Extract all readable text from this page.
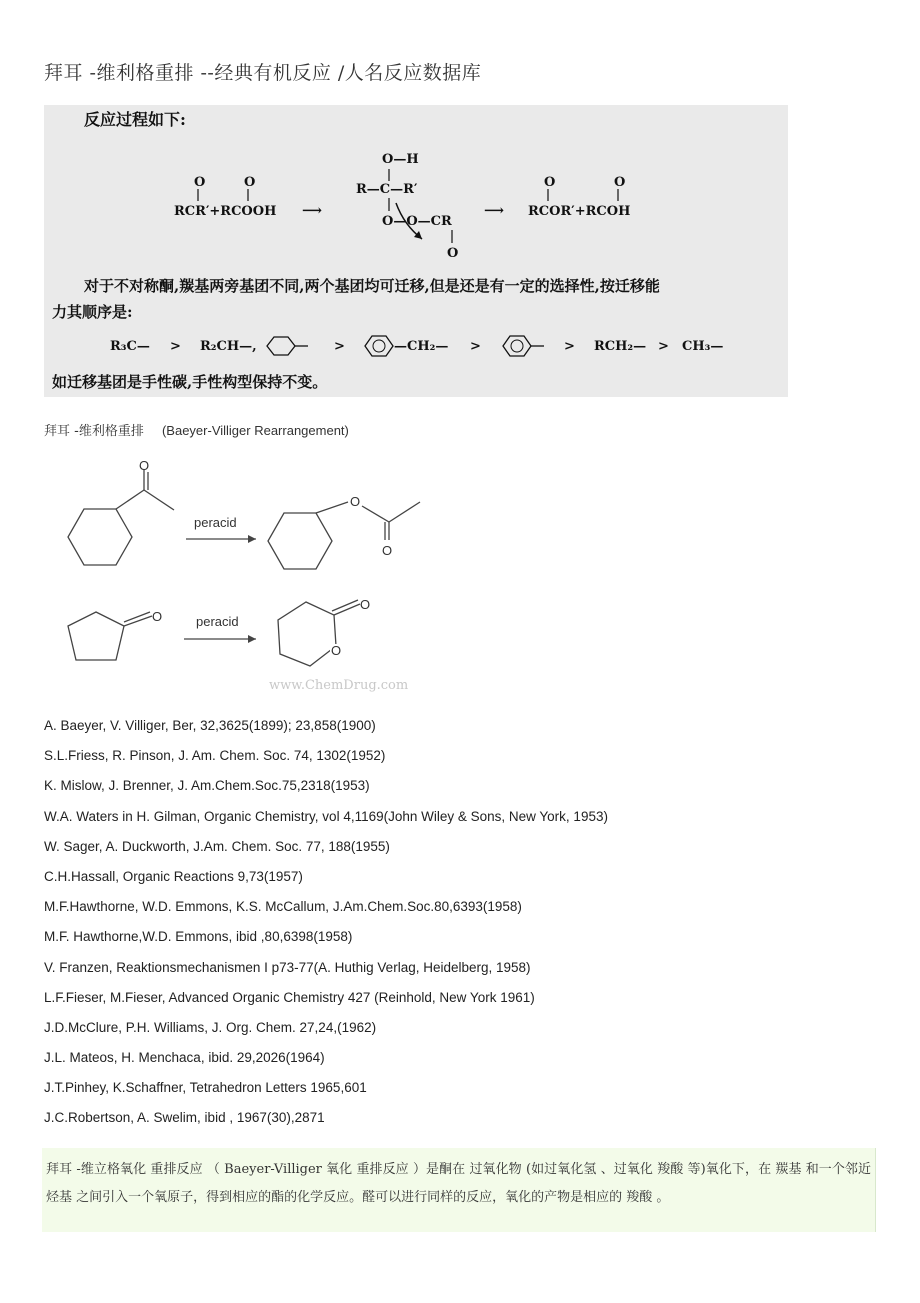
拜耳 -维利格重排 --经典有机反应 /人名反应数据库
反应过程如下:
O	O
RCR′+RCOOH ⟶
O—H
R—C—R′
O—O—CR
O
⟶
O	O
RCOR′+RCOH
对于不对称酮,羰基两旁基团不同,两个基团均可迁移,但是还是有一定的选择性,按迁移能
力其顺序是:
R₃C— > R₂CH—,	>	—CH₂— >	> RCH₂— > CH₃—
如迁移基团是手性碳,手性构型保持不变。
拜耳 -维利格重排 (Baeyer-Villiger Rearrangement)
O
peracid
O
O
O	peracid
O
O
www.ChemDrug.com
A. Baeyer, V. Villiger, Ber, 32,3625(1899); 23,858(1900)
S.L.Friess, R. Pinson, J. Am. Chem. Soc. 74, 1302(1952)
K. Mislow, J. Brenner, J. Am.Chem.Soc.75,2318(1953)
W.A. Waters in H. Gilman, Organic Chemistry, vol 4,1169(John Wiley & Sons, New York, 1953)
W. Sager, A. Duckworth, J.Am. Chem. Soc. 77, 188(1955)
C.H.Hassall, Organic Reactions 9,73(1957)
M.F.Hawthorne, W.D. Emmons, K.S. McCallum, J.Am.Chem.Soc.80,6393(1958)
M.F. Hawthorne,W.D. Emmons, ibid ,80,6398(1958)
V. Franzen, Reaktionsmechanismen I p73-77(A. Huthig Verlag, Heidelberg, 1958)
L.F.Fieser, M.Fieser, Advanced Organic Chemistry 427 (Reinhold, New York 1961)
J.D.McClure, P.H. Williams, J. Org. Chem. 27,24,(1962)
J.L. Mateos, H. Menchaca, ibid. 29,2026(1964)
J.T.Pinhey, K.Schaffner, Tetrahedron Letters 1965,601
J.C.Robertson, A. Swelim, ibid , 1967(30),2871
拜耳 -维立格氧化 重排反应 （ Baeyer-Villiger 氧化 重排反应 ）是酮在 过氧化物 (如过氧化氢 、过氧化 羧酸 等)氧化下，在 羰基 和一个邻近 烃基 之间引入一个氧原子，得到相应的酯的化学反应。醛可以进行同样的反应，氧化的产物是相应的 羧酸 。
